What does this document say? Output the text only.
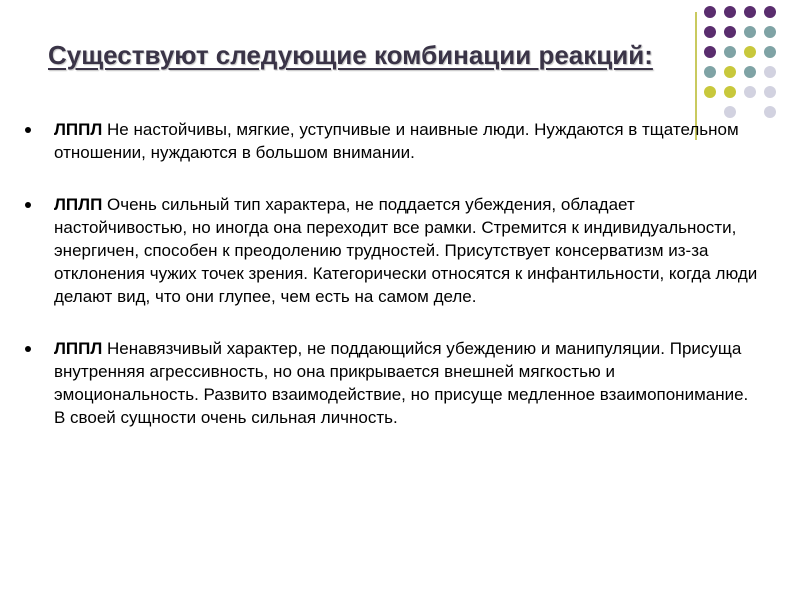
Существуют следующие комбинации реакций:
ЛППЛ Не настойчивы, мягкие, уступчивые и наивные люди. Нуждаются в тщательном отношении, нуждаются в большом внимании.
ЛПЛП Очень сильный тип характера, не поддается убеждения, обладает настойчивостью, но иногда она переходит все рамки. Стремится к индивидуальности, энергичен, способен к преодолению трудностей. Присутствует консерватизм из-за отклонения чужих точек зрения. Категорически относятся к инфантильности, когда люди делают вид, что они глупее, чем есть на самом деле.
ЛППЛ Ненавязчивый характер, не поддающийся убеждению и манипуляции. Присуща внутренняя агрессивность, но она прикрывается внешней мягкостью и эмоциональность. Развито взаимодействие, но присуще медленное взаимопонимание. В своей сущности очень сильная личность.
